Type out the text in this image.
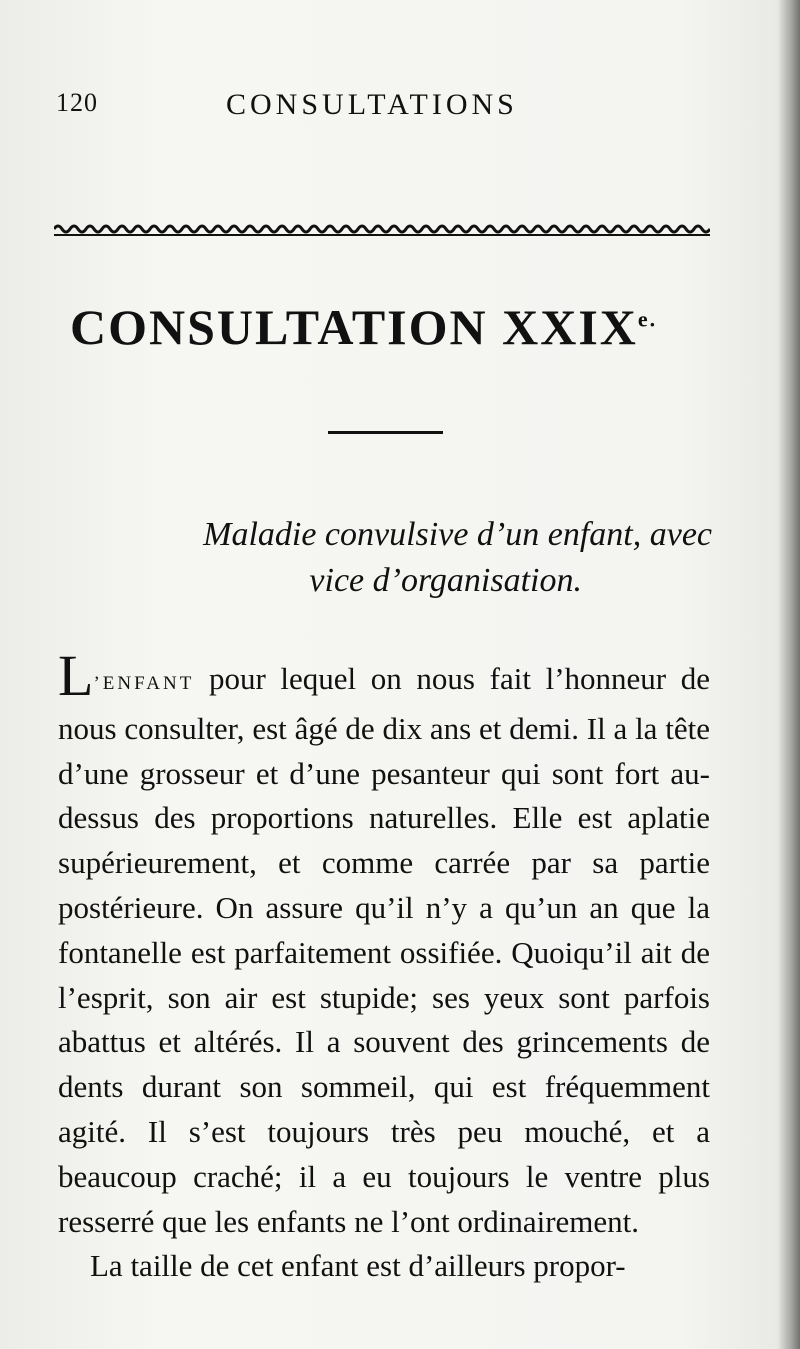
120	CONSULTATIONS
CONSULTATION $XXIX^{e.}$
Maladie convulsive d’un enfant, avec
vice d’organisation.

L’ENFANT pour lequel on nous fait l’honneur de nous consulter, est âgé de dix ans et demi. Il a la tête d’une grosseur et d’une pesanteur qui sont fort au-dessus des proportions naturelles. Elle est aplatie supérieurement, et comme carrée par sa partie postérieure. On assure qu’il n’y a qu’un an que la fontanelle est parfaitement ossifiée. Quoiqu’il ait de l’esprit, son air est stupide; ses yeux sont parfois abattus et altérés. Il a souvent des grincements de dents durant son sommeil, qui est fréquemment agité. Il s’est toujours très peu mouché, et a beaucoup craché; il a eu toujours le ventre plus resserré que les enfants ne l’ont ordinairement.

La taille de cet enfant est d’ailleurs propor-
